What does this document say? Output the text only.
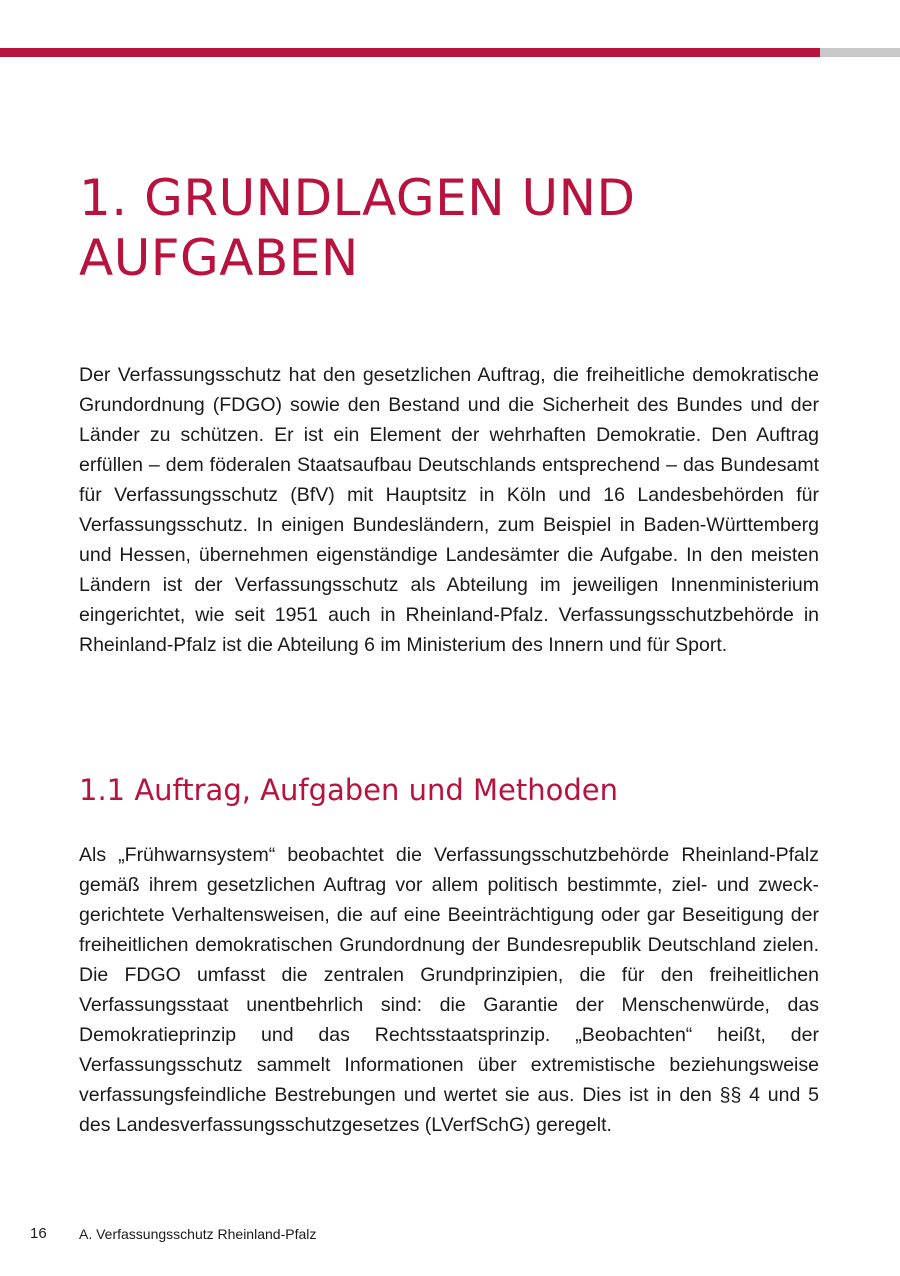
1. GRUNDLAGEN UND AUFGABEN

Der Verfassungsschutz hat den gesetzlichen Auftrag, die freiheitliche demokratische Grundordnung (FDGO) sowie den Bestand und die Sicherheit des Bundes und der Länder zu schützen. Er ist ein Element der wehrhaften Demokratie. Den Auftrag erfüllen – dem föderalen Staatsaufbau Deutschlands entsprechend – das Bundesamt für Verfassungsschutz (BfV) mit Hauptsitz in Köln und 16 Landesbehörden für Verfassungsschutz. In einigen Bundesländern, zum Beispiel in Baden-Württemberg und Hessen, übernehmen eigenständige Landesämter die Aufgabe. In den meisten Ländern ist der Verfassungsschutz als Abteilung im jeweiligen Innenministerium eingerichtet, wie seit 1951 auch in Rheinland-Pfalz. Verfassungsschutzbehörde in Rheinland-Pfalz ist die Abteilung 6 im Ministerium des Innern und für Sport.

1.1 Auftrag, Aufgaben und Methoden

Als „Frühwarnsystem“ beobachtet die Verfassungsschutzbehörde Rheinland-Pfalz gemäß ihrem gesetzlichen Auftrag vor allem politisch bestimmte, ziel- und zweckgerichtete Verhaltensweisen, die auf eine Beeinträchtigung oder gar Beseitigung der freiheitlichen demokratischen Grundordnung der Bundesrepublik Deutschland zielen. Die FDGO umfasst die zentralen Grundprinzipien, die für den freiheitlichen Verfassungsstaat unentbehrlich sind: die Garantie der Menschenwürde, das Demokratieprinzip und das Rechtsstaatsprinzip. „Beobachten“ heißt, der Verfassungsschutz sammelt Informationen über extremistische beziehungsweise verfassungsfeindliche Bestrebungen und wertet sie aus. Dies ist in den §§ 4 und 5 des Landesverfassungsschutzgesetzes (LVerfSchG) geregelt.

16 A. Verfassungsschutz Rheinland-Pfalz
